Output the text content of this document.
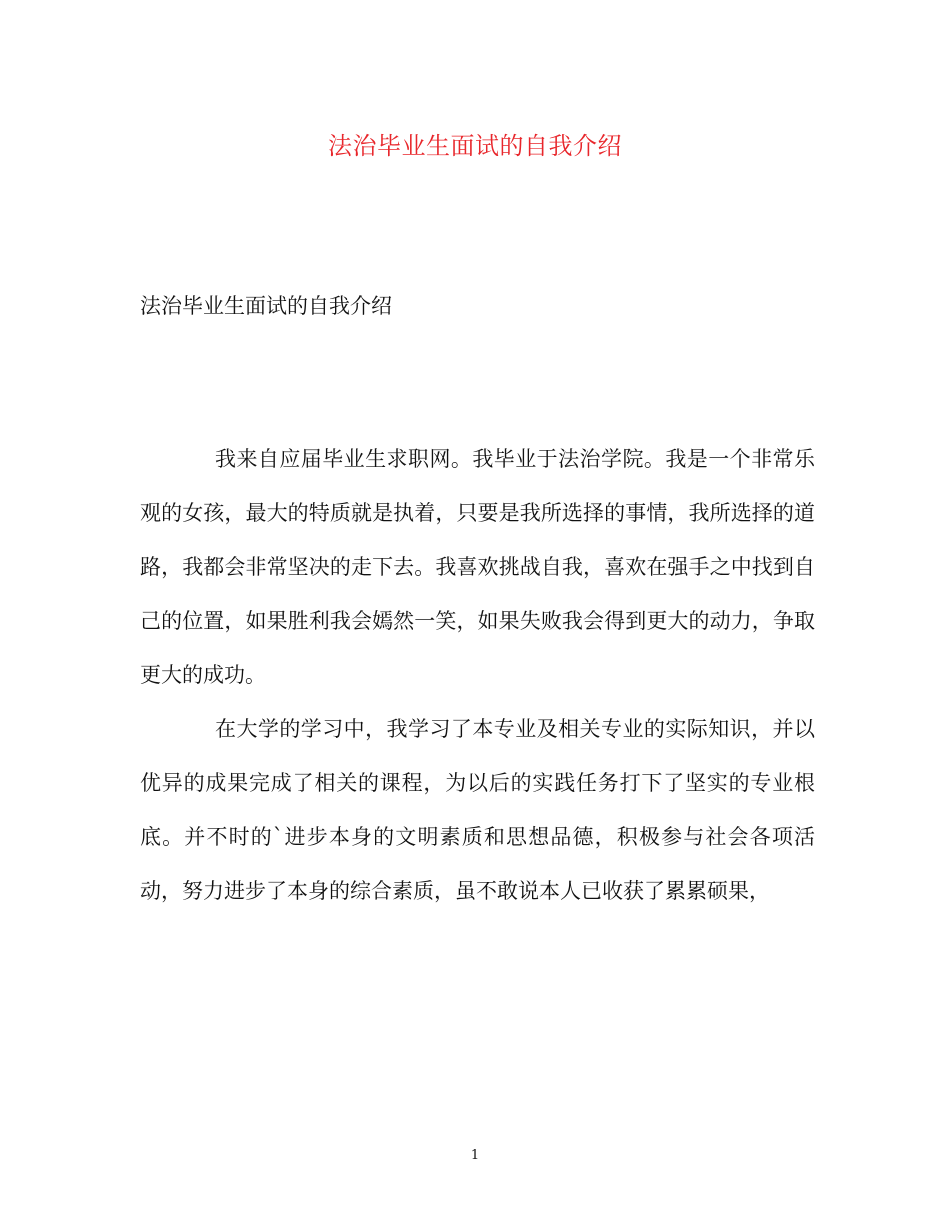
法治毕业生面试的自我介绍
法治毕业生面试的自我介绍

我来自应届毕业生求职网。我毕业于法治学院。我是一个非常乐观的女孩，最大的特质就是执着，只要是我所选择的事情，我所选择的道路，我都会非常坚决的走下去。我喜欢挑战自我，喜欢在强手之中找到自己的位置，如果胜利我会嫣然一笑，如果失败我会得到更大的动力，争取更大的成功。

在大学的学习中，我学习了本专业及相关专业的实际知识，并以优异的成果完成了相关的课程，为以后的实践任务打下了坚实的专业根底。并不时的`进步本身的文明素质和思想品德，积极参与社会各项活动，努力进步了本身的综合素质，虽不敢说本人已收获了累累硕果，

1
